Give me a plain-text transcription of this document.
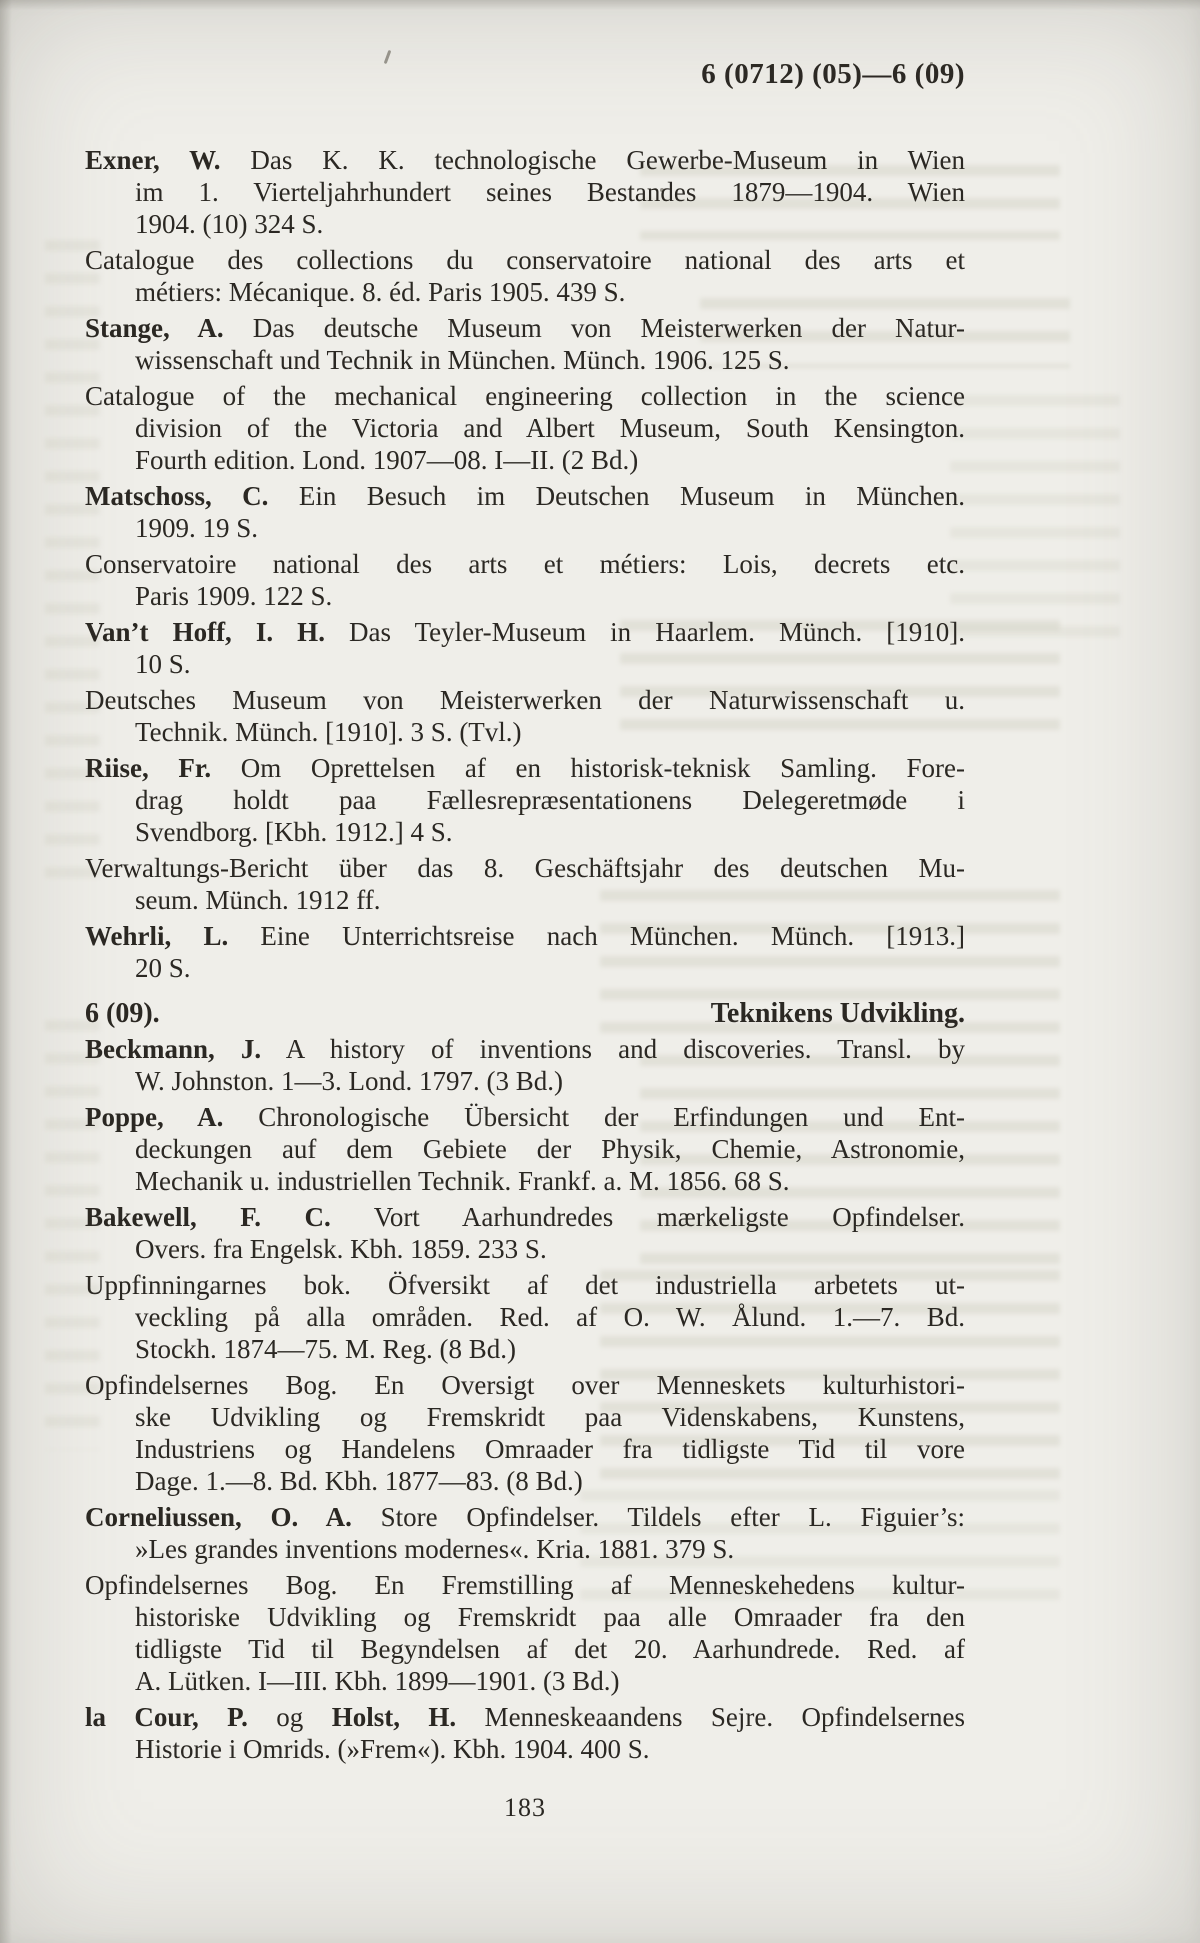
6 (0712) (05)—6 (09)
Exner, W. Das K. K. technologische Gewerbe-Museum in Wien
im 1. Vierteljahrhundert seines Bestandes 1879—1904. Wien
1904. (10) 324 S.
Catalogue des collections du conservatoire national des arts et
métiers: Mécanique. 8. éd. Paris 1905. 439 S.
Stange, A. Das deutsche Museum von Meisterwerken der Natur-
wissenschaft und Technik in München. Münch. 1906. 125 S.
Catalogue of the mechanical engineering collection in the science
division of the Victoria and Albert Museum, South Kensington.
Fourth edition. Lond. 1907—08. I—II. (2 Bd.)
Matschoss, C. Ein Besuch im Deutschen Museum in München.
1909. 19 S.
Conservatoire national des arts et métiers: Lois, decrets etc.
Paris 1909. 122 S.
Van’t Hoff, I. H. Das Teyler-Museum in Haarlem. Münch. [1910].
10 S.
Deutsches Museum von Meisterwerken der Naturwissenschaft u.
Technik. Münch. [1910]. 3 S. (Tvl.)
Riise, Fr. Om Oprettelsen af en historisk-teknisk Samling. Fore-
drag holdt paa Fællesrepræsentationens Delegeretmøde i
Svendborg. [Kbh. 1912.] 4 S.
Verwaltungs-Bericht über das 8. Geschäftsjahr des deutschen Mu-
seum. Münch. 1912 ff.
Wehrli, L. Eine Unterrichtsreise nach München. Münch. [1913.]
20 S.
6 (09).	Teknikens Udvikling.
Beckmann, J. A history of inventions and discoveries. Transl. by
W. Johnston. 1—3. Lond. 1797. (3 Bd.)
Poppe, A. Chronologische Übersicht der Erfindungen und Ent-
deckungen auf dem Gebiete der Physik, Chemie, Astronomie,
Mechanik u. industriellen Technik. Frankf. a. M. 1856. 68 S.
Bakewell, F. C. Vort Aarhundredes mærkeligste Opfindelser.
Overs. fra Engelsk. Kbh. 1859. 233 S.
Uppfinningarnes bok. Öfversikt af det industriella arbetets ut-
veckling på alla områden. Red. af O. W. Ålund. 1.—7. Bd.
Stockh. 1874—75. M. Reg. (8 Bd.)
Opfindelsernes Bog. En Oversigt over Menneskets kulturhistori-
ske Udvikling og Fremskridt paa Videnskabens, Kunstens,
Industriens og Handelens Omraader fra tidligste Tid til vore
Dage. 1.—8. Bd. Kbh. 1877—83. (8 Bd.)
Corneliussen, O. A. Store Opfindelser. Tildels efter L. Figuier’s:
»Les grandes inventions modernes«. Kria. 1881. 379 S.
Opfindelsernes Bog. En Fremstilling af Menneskehedens kultur-
historiske Udvikling og Fremskridt paa alle Omraader fra den
tidligste Tid til Begyndelsen af det 20. Aarhundrede. Red. af
A. Lütken. I—III. Kbh. 1899—1901. (3 Bd.)
la Cour, P. og Holst, H. Menneskeaandens Sejre. Opfindelsernes
Historie i Omrids. (»Frem«). Kbh. 1904. 400 S.
183
